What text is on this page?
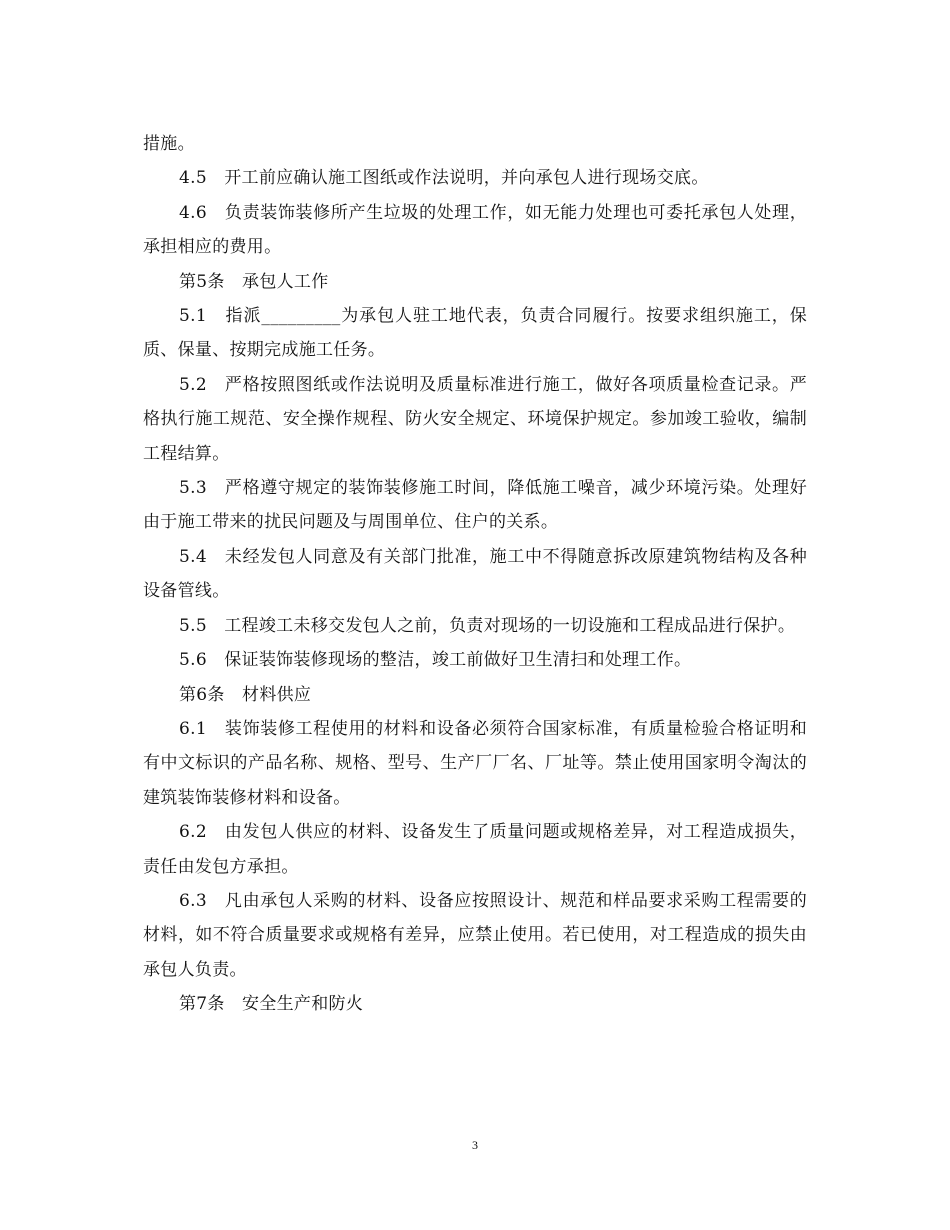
措施。

4.5　开工前应确认施工图纸或作法说明，并向承包人进行现场交底。

4.6　负责装饰装修所产生垃圾的处理工作，如无能力处理也可委托承包人处理，承担相应的费用。

第5条　承包人工作

5.1　指派_________为承包人驻工地代表，负责合同履行。按要求组织施工，保质、保量、按期完成施工任务。

5.2　严格按照图纸或作法说明及质量标准进行施工，做好各项质量检查记录。严格执行施工规范、安全操作规程、防火安全规定、环境保护规定。参加竣工验收，编制工程结算。

5.3　严格遵守规定的装饰装修施工时间，降低施工噪音，减少环境污染。处理好由于施工带来的扰民问题及与周围单位、住户的关系。

5.4　未经发包人同意及有关部门批准，施工中不得随意拆改原建筑物结构及各种设备管线。

5.5　工程竣工未移交发包人之前，负责对现场的一切设施和工程成品进行保护。

5.6　保证装饰装修现场的整洁，竣工前做好卫生清扫和处理工作。

第6条　材料供应

6.1　装饰装修工程使用的材料和设备必须符合国家标准，有质量检验合格证明和有中文标识的产品名称、规格、型号、生产厂厂名、厂址等。禁止使用国家明令淘汰的建筑装饰装修材料和设备。

6.2　由发包人供应的材料、设备发生了质量问题或规格差异，对工程造成损失，责任由发包方承担。

6.3　凡由承包人采购的材料、设备应按照设计、规范和样品要求采购工程需要的材料，如不符合质量要求或规格有差异，应禁止使用。若已使用，对工程造成的损失由承包人负责。

第7条　安全生产和防火

3
